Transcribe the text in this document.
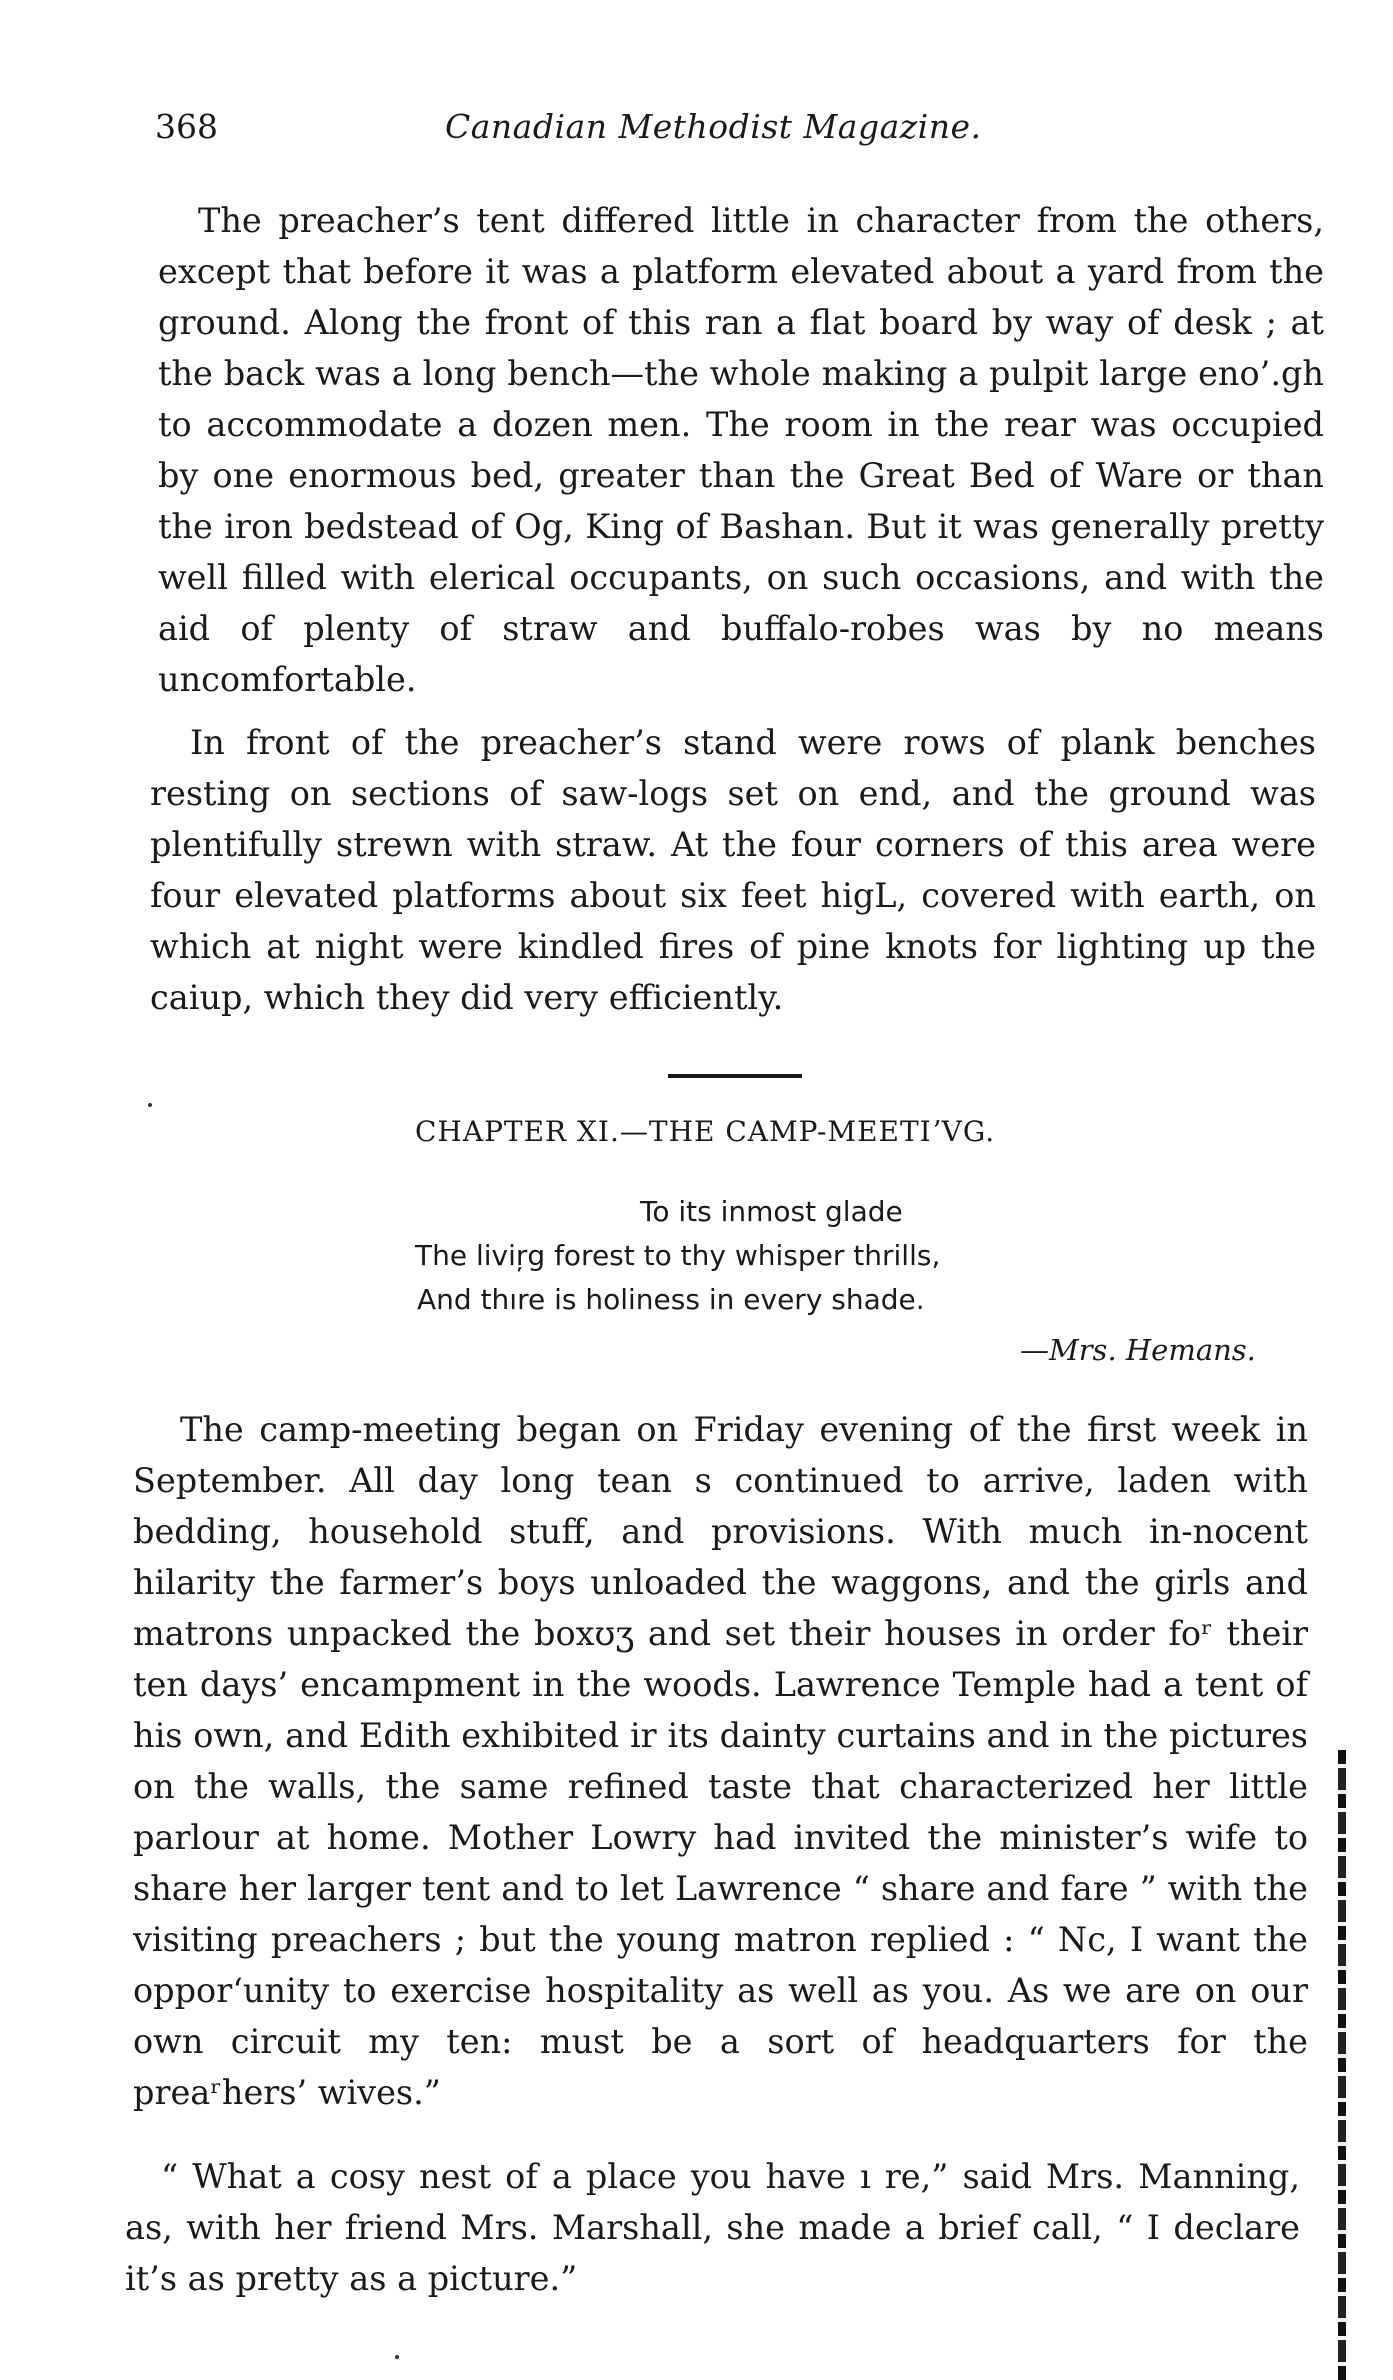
368	Canadian Methodist Magazine.

The preacher’s tent differed little in character from the others, except that before it was a platform elevated about a yard from the ground. Along the front of this ran a flat board by way of desk ; at the back was a long bench—the whole making a pulpit large eno’.gh to accommodate a dozen men. The room in the rear was occupied by one enormous bed, greater than the Great Bed of Ware or than the iron bedstead of Og, King of Bashan. But it was generally pretty well filled with elerical occupants, on such occasions, and with the aid of plenty of straw and buffalo-robes was by no means uncomfortable.

In front of the preacher’s stand were rows of plank benches resting on sections of saw-logs set on end, and the ground was plentifully strewn with straw. At the four corners of this area were four elevated platforms about six feet higL, covered with earth, on which at night were kindled fires of pine knots for lighting up the caiup, which they did very efficiently.

CHAPTER XI.—THE CAMP-MEETIʼVG.
To its inmost glade
The liviŗg forest to thy whisper thrills,
And thıre is holiness in every shade.
—Mrs. Hemans.

The camp-meeting began on Friday evening of the first week in September. All day long tean s continued to arrive, laden with bedding, household stuff, and provisions. With much in-nocent hilarity the farmer’s boys unloaded the waggons, and the girls and matrons unpacked the boxʊʒ and set their houses in order foʳ their ten days’ encampment in the woods. Lawrence Temple had a tent of his own, and Edith exhibited ir its dainty curtains and in the pictures on the walls, the same refined taste that characterized her little parlour at home. Mother Lowry had invited the minister’s wife to share her larger tent and to let Lawrence “ share and fare ” with the visiting preachers ; but the young matron replied : “ Nc, I want the opporʻunity to exercise hospitality as well as you. As we are on our own circuit my ten: must be a sort of headquarters for the preaʳhers’ wives.”

“ What a cosy nest of a place you have ı re,” said Mrs. Manning, as, with her friend Mrs. Marshall, she made a brief call, “ I declare it’s as pretty as a picture.”
